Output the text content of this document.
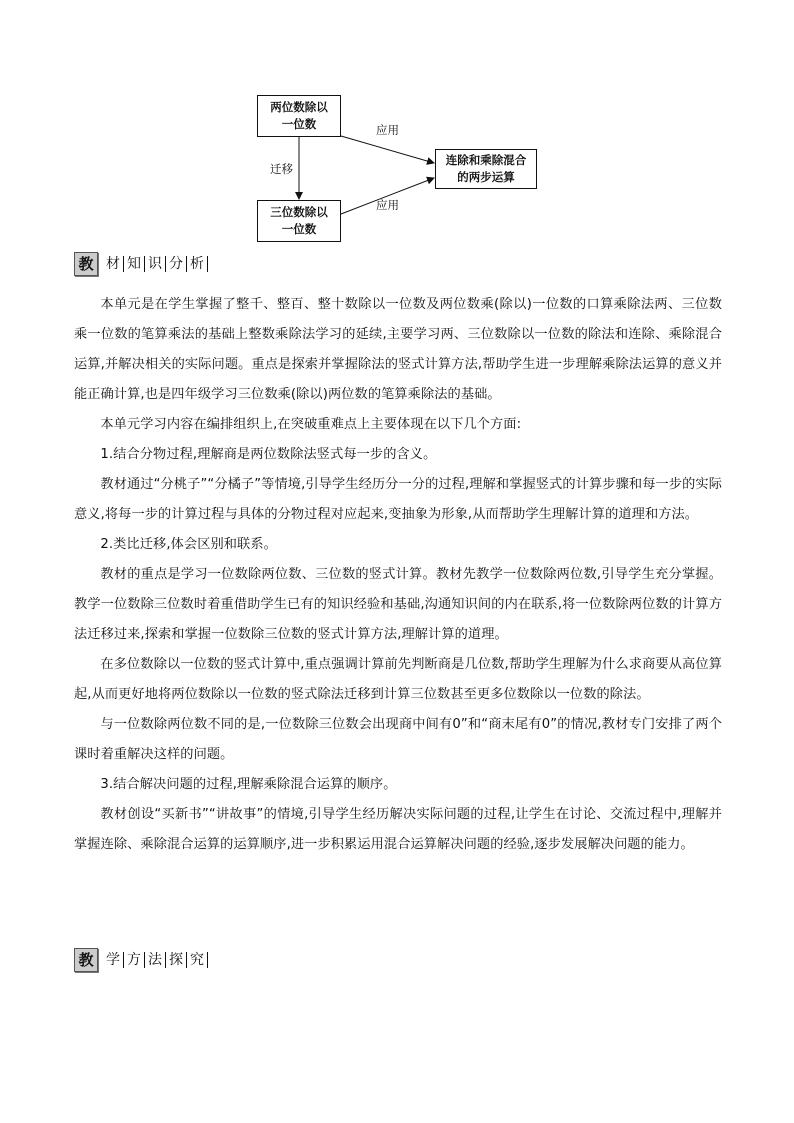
两位数除以
一位数
三位数除以
一位数
连除和乘除混合
的两步运算
应用
迁移
应用
教 材 知 识 分 析

本单元是在学生掌握了整千、整百、整十数除以一位数及两位数乘(除以)一位数的口算乘除法两、三位数乘一位数的笔算乘法的基础上整数乘除法学习的延续,主要学习两、三位数除以一位数的除法和连除、乘除混合运算,并解决相关的实际问题。重点是探索并掌握除法的竖式计算方法,帮助学生进一步理解乘除法运算的意义并能正确计算,也是四年级学习三位数乘(除以)两位数的笔算乘除法的基础。

本单元学习内容在编排组织上,在突破重难点上主要体现在以下几个方面:

1.结合分物过程,理解商是两位数除法竖式每一步的含义。

教材通过“分桃子”“分橘子”等情境,引导学生经历分一分的过程,理解和掌握竖式的计算步骤和每一步的实际意义,将每一步的计算过程与具体的分物过程对应起来,变抽象为形象,从而帮助学生理解计算的道理和方法。

2.类比迁移,体会区别和联系。

教材的重点是学习一位数除两位数、三位数的竖式计算。教材先教学一位数除两位数,引导学生充分掌握。教学一位数除三位数时着重借助学生已有的知识经验和基础,沟通知识间的内在联系,将一位数除两位数的计算方法迁移过来,探索和掌握一位数除三位数的竖式计算方法,理解计算的道理。

在多位数除以一位数的竖式计算中,重点强调计算前先判断商是几位数,帮助学生理解为什么求商要从高位算起,从而更好地将两位数除以一位数的竖式除法迁移到计算三位数甚至更多位数除以一位数的除法。

与一位数除两位数不同的是,一位数除三位数会出现商中间有0”和“商末尾有0”的情况,教材专门安排了两个课时着重解决这样的问题。

3.结合解决问题的过程,理解乘除混合运算的顺序。

教材创设“买新书”“讲故事”的情境,引导学生经历解决实际问题的过程,让学生在讨论、交流过程中,理解并掌握连除、乘除混合运算的运算顺序,进一步积累运用混合运算解决问题的经验,逐步发展解决问题的能力。

教 学 方 法 探 究
